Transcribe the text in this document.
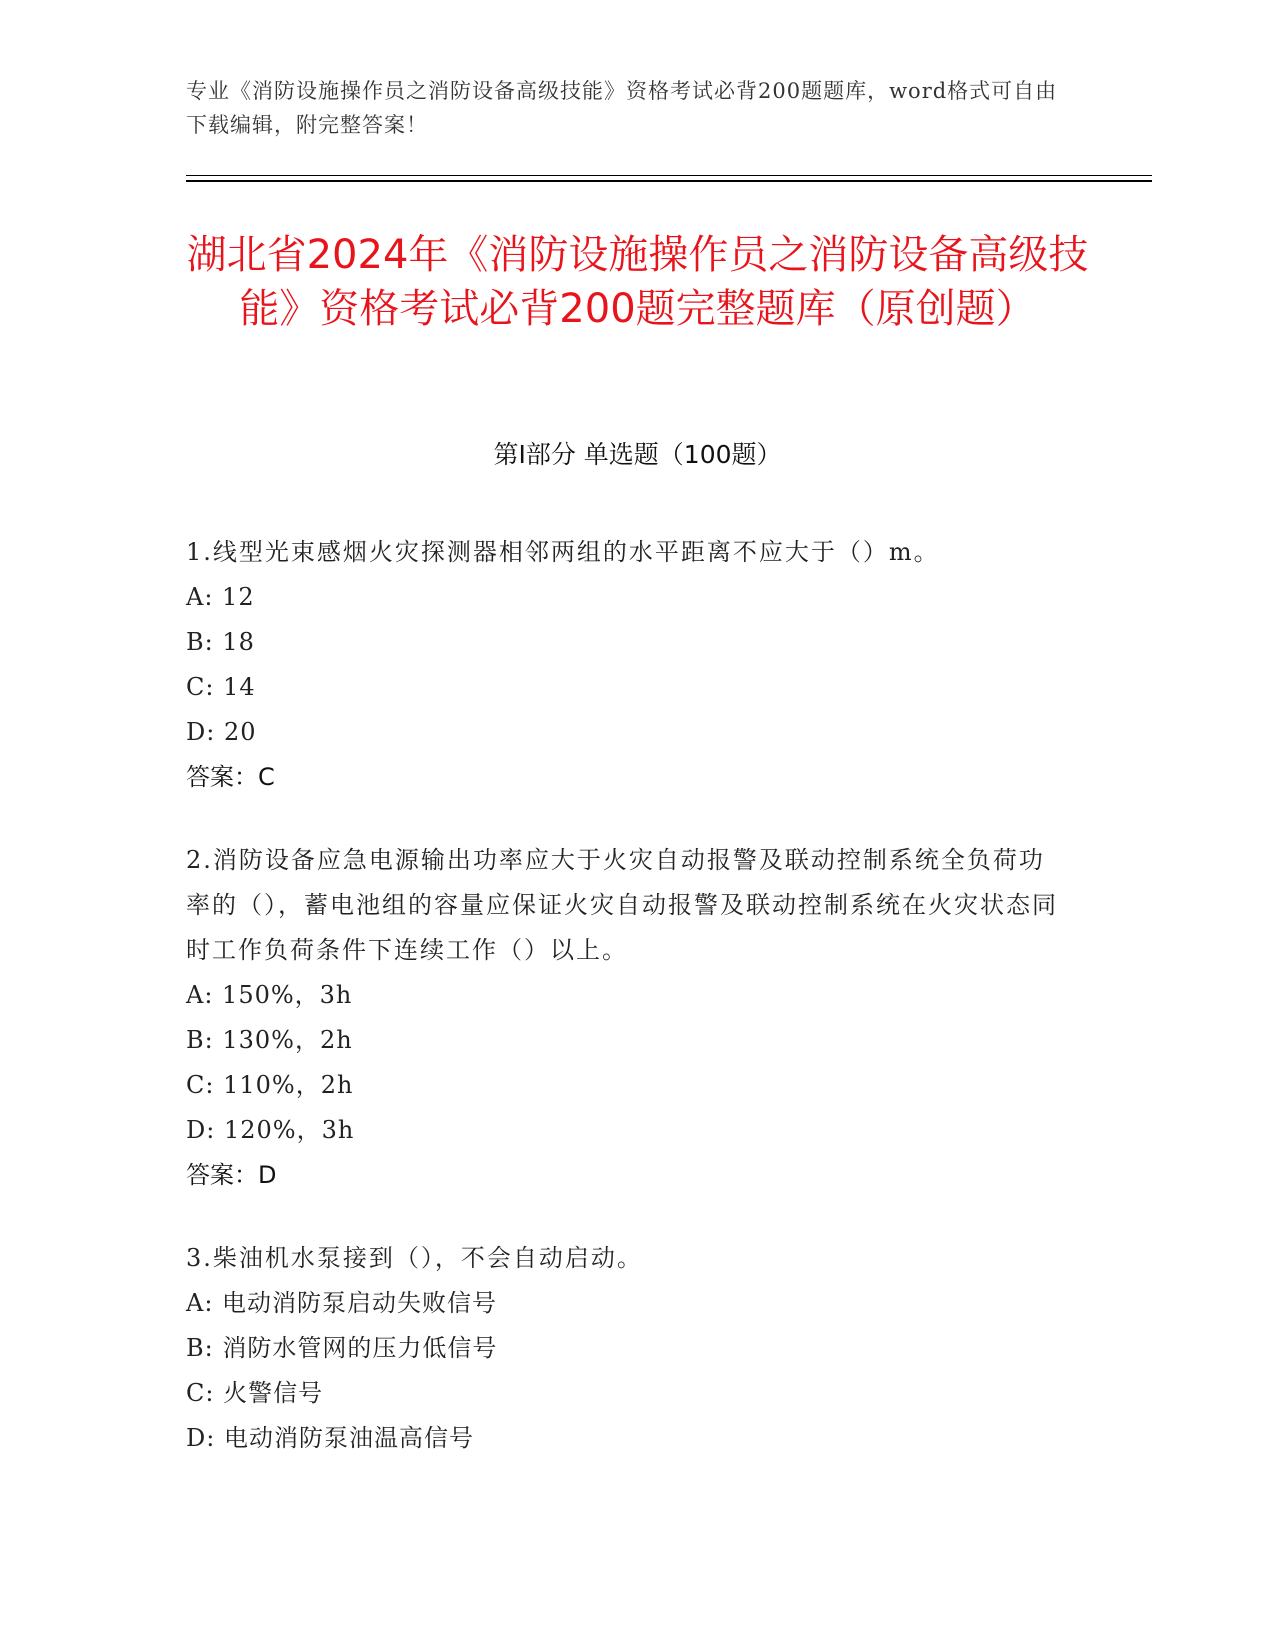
专业《消防设施操作员之消防设备高级技能》资格考试必背200题题库，word格式可自由下载编辑，附完整答案！
湖北省2024年《消防设施操作员之消防设备高级技能》资格考试必背200题完整题库（原创题）
第Ⅰ部分 单选题（100题）

1.线型光束感烟火灾探测器相邻两组的水平距离不应大于（）m。

A: 12

B: 18

C: 14

D: 20

答案：C

2.消防设备应急电源输出功率应大于火灾自动报警及联动控制系统全负荷功率的（），蓄电池组的容量应保证火灾自动报警及联动控制系统在火灾状态同时工作负荷条件下连续工作（）以上。

A: 150%，3h

B: 130%，2h

C: 110%，2h

D: 120%，3h

答案：D

3.柴油机水泵接到（），不会自动启动。

A: 电动消防泵启动失败信号

B: 消防水管网的压力低信号

C: 火警信号

D: 电动消防泵油温高信号
